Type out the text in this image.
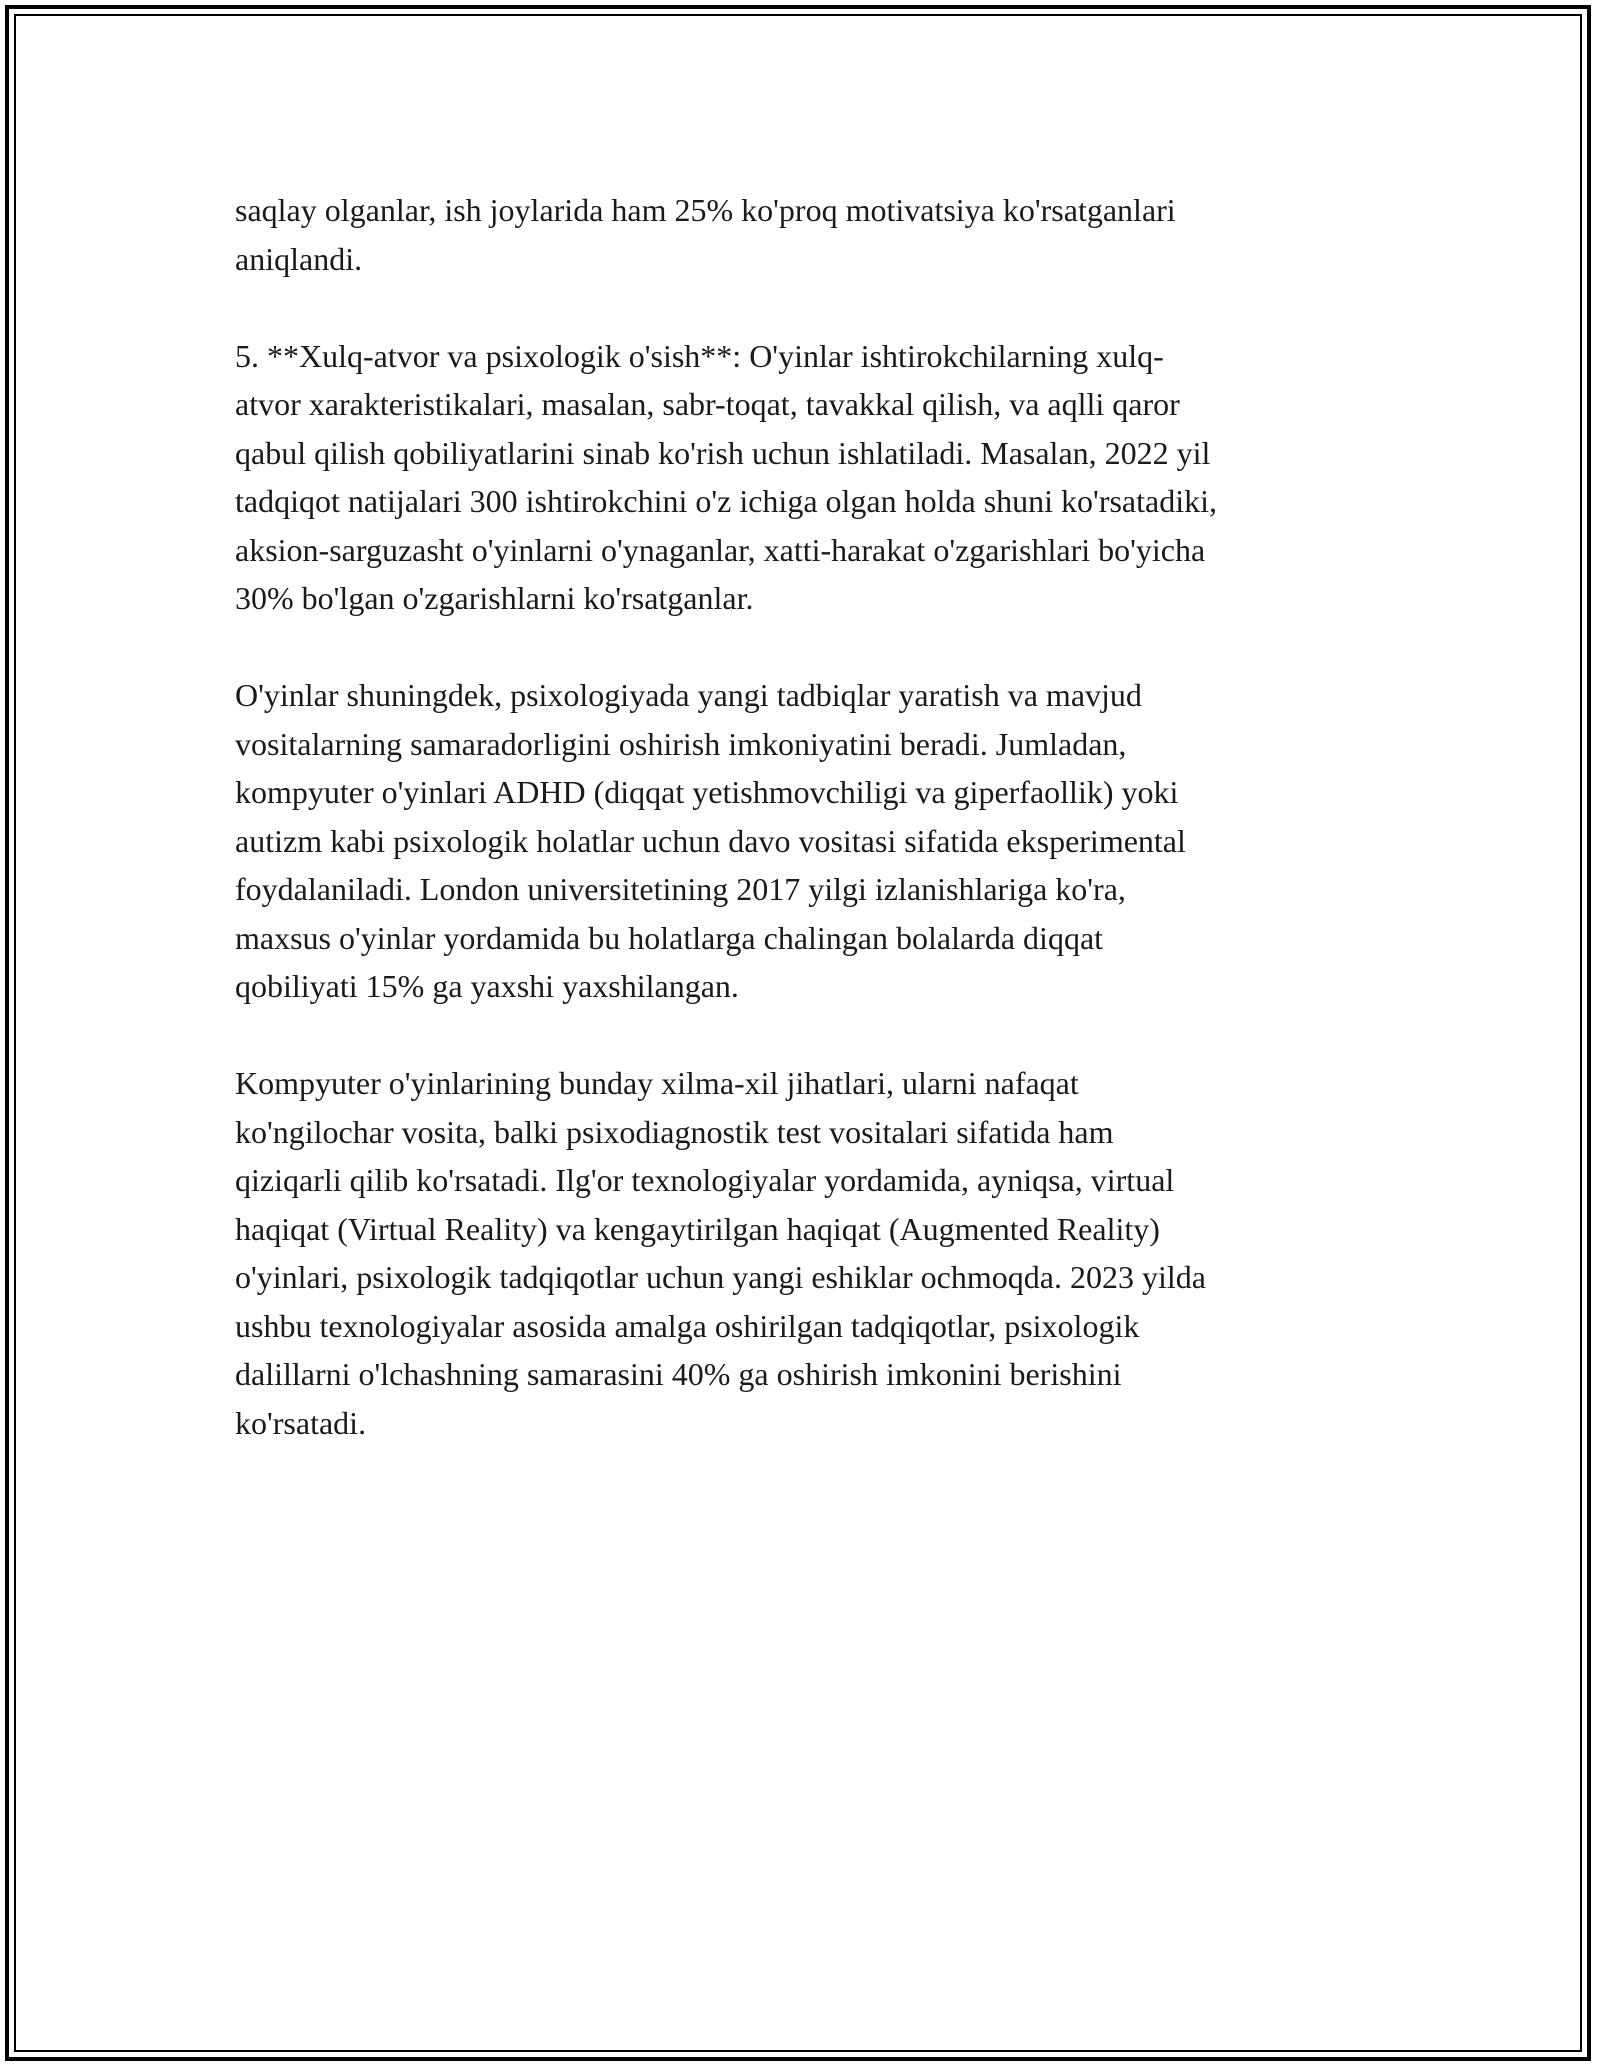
saqlay olganlar, ish joylarida ham 25% ko'proq motivatsiya ko'rsatganlari
aniqlandi.

5. **Xulq-atvor va psixologik o'sish**: O'yinlar ishtirokchilarning xulq-
atvor xarakteristikalari, masalan, sabr-toqat, tavakkal qilish, va aqlli qaror
qabul qilish qobiliyatlarini sinab ko'rish uchun ishlatiladi. Masalan, 2022 yil
tadqiqot natijalari 300 ishtirokchini o'z ichiga olgan holda shuni ko'rsatadiki,
aksion-sarguzasht o'yinlarni o'ynaganlar, xatti-harakat o'zgarishlari bo'yicha
30% bo'lgan o'zgarishlarni ko'rsatganlar.

O'yinlar shuningdek, psixologiyada yangi tadbiqlar yaratish va mavjud
vositalarning samaradorligini oshirish imkoniyatini beradi. Jumladan,
kompyuter o'yinlari ADHD (diqqat yetishmovchiligi va giperfaollik) yoki
autizm kabi psixologik holatlar uchun davo vositasi sifatida eksperimental
foydalaniladi. London universitetining 2017 yilgi izlanishlariga ko'ra,
maxsus o'yinlar yordamida bu holatlarga chalingan bolalarda diqqat
qobiliyati 15% ga yaxshi yaxshilangan.

Kompyuter o'yinlarining bunday xilma-xil jihatlari, ularni nafaqat
ko'ngilochar vosita, balki psixodiagnostik test vositalari sifatida ham
qiziqarli qilib ko'rsatadi. Ilg'or texnologiyalar yordamida, ayniqsa, virtual
haqiqat (Virtual Reality) va kengaytirilgan haqiqat (Augmented Reality)
o'yinlari, psixologik tadqiqotlar uchun yangi eshiklar ochmoqda. 2023 yilda
ushbu texnologiyalar asosida amalga oshirilgan tadqiqotlar, psixologik
dalillarni o'lchashning samarasini 40% ga oshirish imkonini berishini
ko'rsatadi.
